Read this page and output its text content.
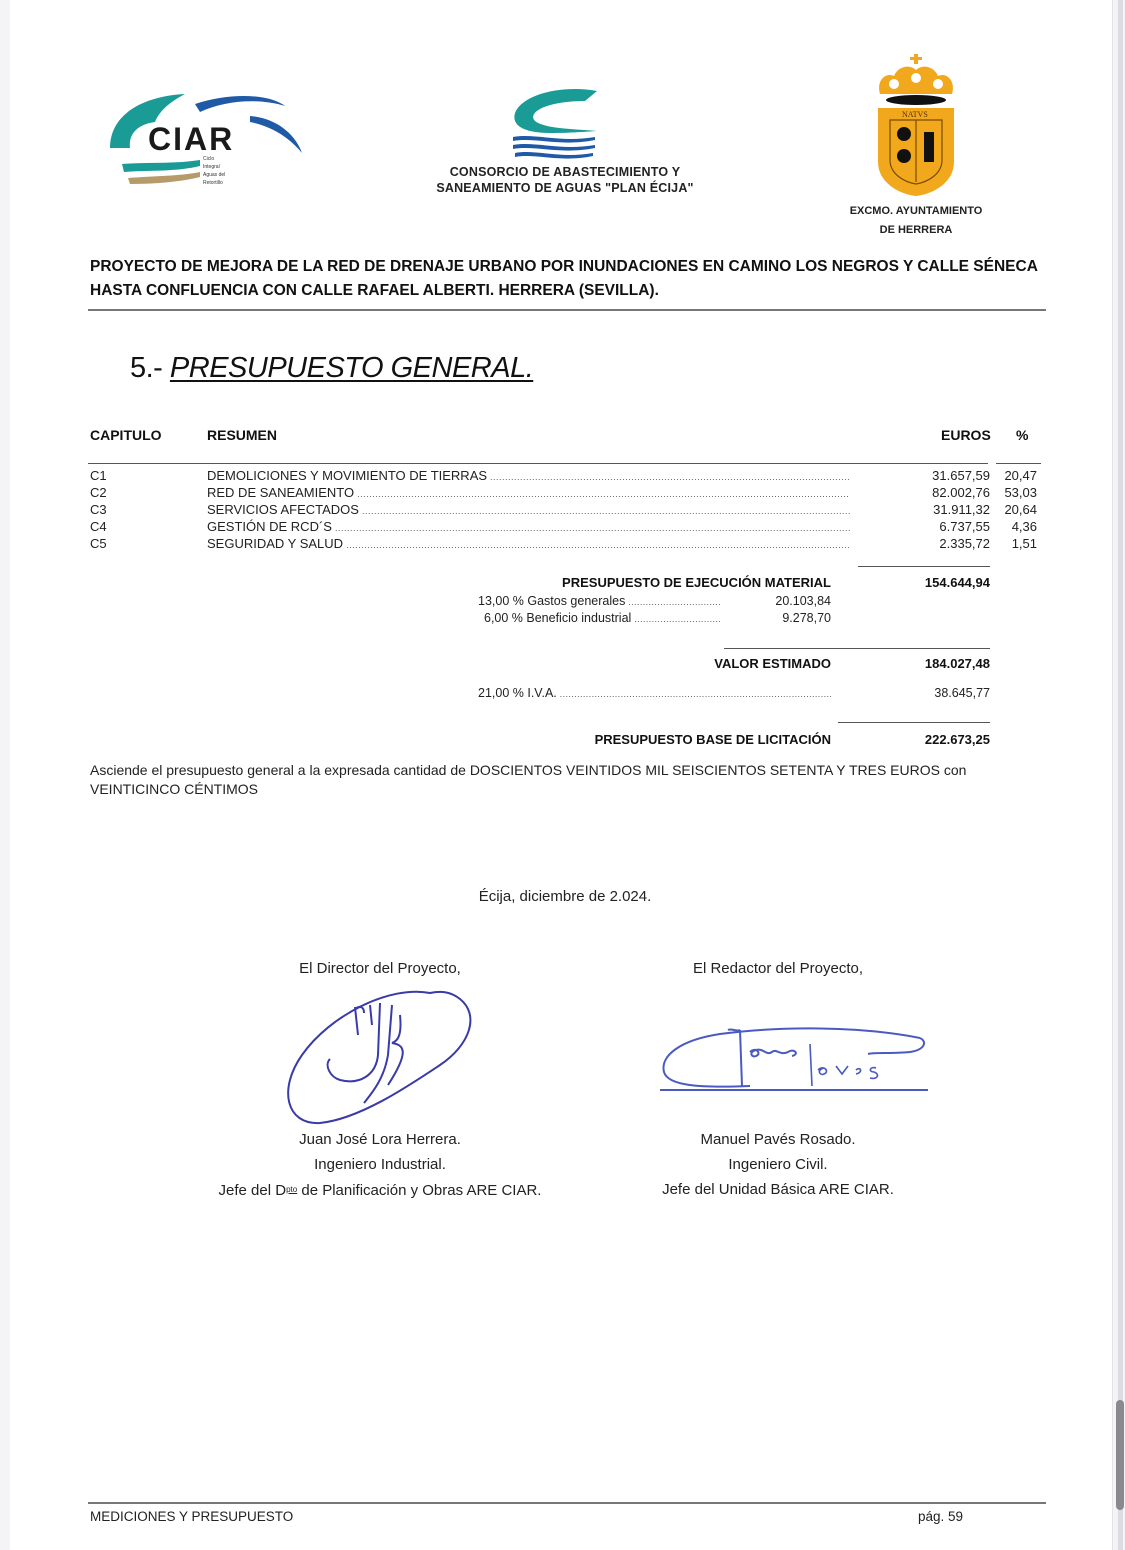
CIAR
Ciclo
Integral
Aguas del
Retortillo
CONSORCIO DE ABASTECIMIENTO Y
SANEAMIENTO DE AGUAS "PLAN ÉCIJA"
NATVS
EXCMO. AYUNTAMIENTO
DE HERRERA
PROYECTO DE MEJORA DE LA RED DE DRENAJE URBANO POR INUNDACIONES EN CAMINO LOS NEGROS Y CALLE SÉNECA
HASTA CONFLUENCIA CON CALLE RAFAEL ALBERTI. HERRERA (SEVILLA).
5.- PRESUPUESTO GENERAL.
CAPITULO	RESUMEN	EUROS %
C1	DEMOLICIONES Y MOVIMIENTO DE TIERRAS .....	31.657,59 20,47
C2	RED DE SANEAMIENTO .....	82.002,76 53,03
C3	SERVICIOS AFECTADOS .....	31.911,32 20,64
C4	GESTIÓN DE RCD´S .....	6.737,55 4,36
C5	SEGURIDAD Y SALUD .....	2.335,72 1,51
PRESUPUESTO DE EJECUCIÓN MATERIAL	154.644,94
13,00 % Gastos generales .....	20.103,84
6,00 % Beneficio industrial .....	9.278,70
VALOR ESTIMADO	184.027,48
21,00 % I.V.A. .....	38.645,77
PRESUPUESTO BASE DE LICITACIÓN	222.673,25
Asciende el presupuesto general a la expresada cantidad de DOSCIENTOS VEINTIDOS MIL SEISCIENTOS SETENTA Y TRES EUROS con
VEINTICINCO CÉNTIMOS
Écija, diciembre de 2.024.
El Director del Proyecto,	El Redactor del Proyecto,
Juan José Lora Herrera.
Ingeniero Industrial.
Jefe del $D^{pto}$ de Planificación y Obras ARE CIAR.
Manuel Pavés Rosado.
Ingeniero Civil.
Jefe del Unidad Básica ARE CIAR.
MEDICIONES Y PRESUPUESTO	pág. 59
